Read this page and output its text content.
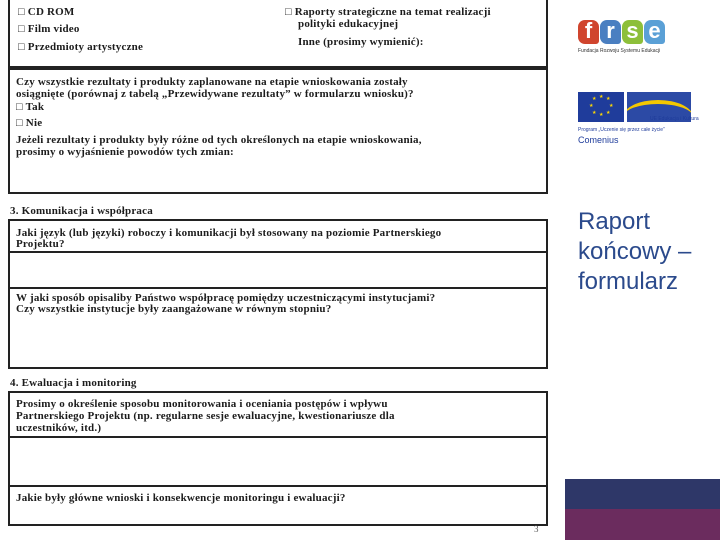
□ CD ROM
□ Film video
□ Przedmioty artystyczne
□ Raporty strategiczne na temat realizacji
polityki edukacyjnej
Inne (prosimy wymienić):
Czy wszystkie rezultaty i produkty zaplanowane na etapie wnioskowania zostały
osiągnięte (porównaj z tabelą „Przewidywane rezultaty” w formularzu wniosku)?
□ Tak
□ Nie
Jeżeli rezultaty i produkty były różne od tych określonych na etapie wnioskowania,
prosimy o wyjaśnienie powodów tych zmian:
3. Komunikacja i współpraca
Jaki język (lub języki) roboczy i komunikacji był stosowany na poziomie Partnerskiego
Projektu?
W jaki sposób opisaliby Państwo współpracę pomiędzy uczestniczącymi instytucjami?
Czy wszystkie instytucje były zaangażowane w równym stopniu?
4. Ewaluacja i monitoring
Prosimy o określenie sposobu monitorowania i oceniania postępów i wpływu
Partnerskiego Projektu (np. regularne sesje ewaluacyjne, kwestionariusze dla
uczestników, itd.)
Jakie były główne wnioski i konsekwencje monitoringu i ewaluacji?
3
f r s e
Fundacja Rozwoju Systemu Edukacji
★ ★
★
★
★
★
★
★
UE Edukacja i Kultura
Program „Uczenie się przez całe życie”
Comenius
Raport końcowy – formularz
